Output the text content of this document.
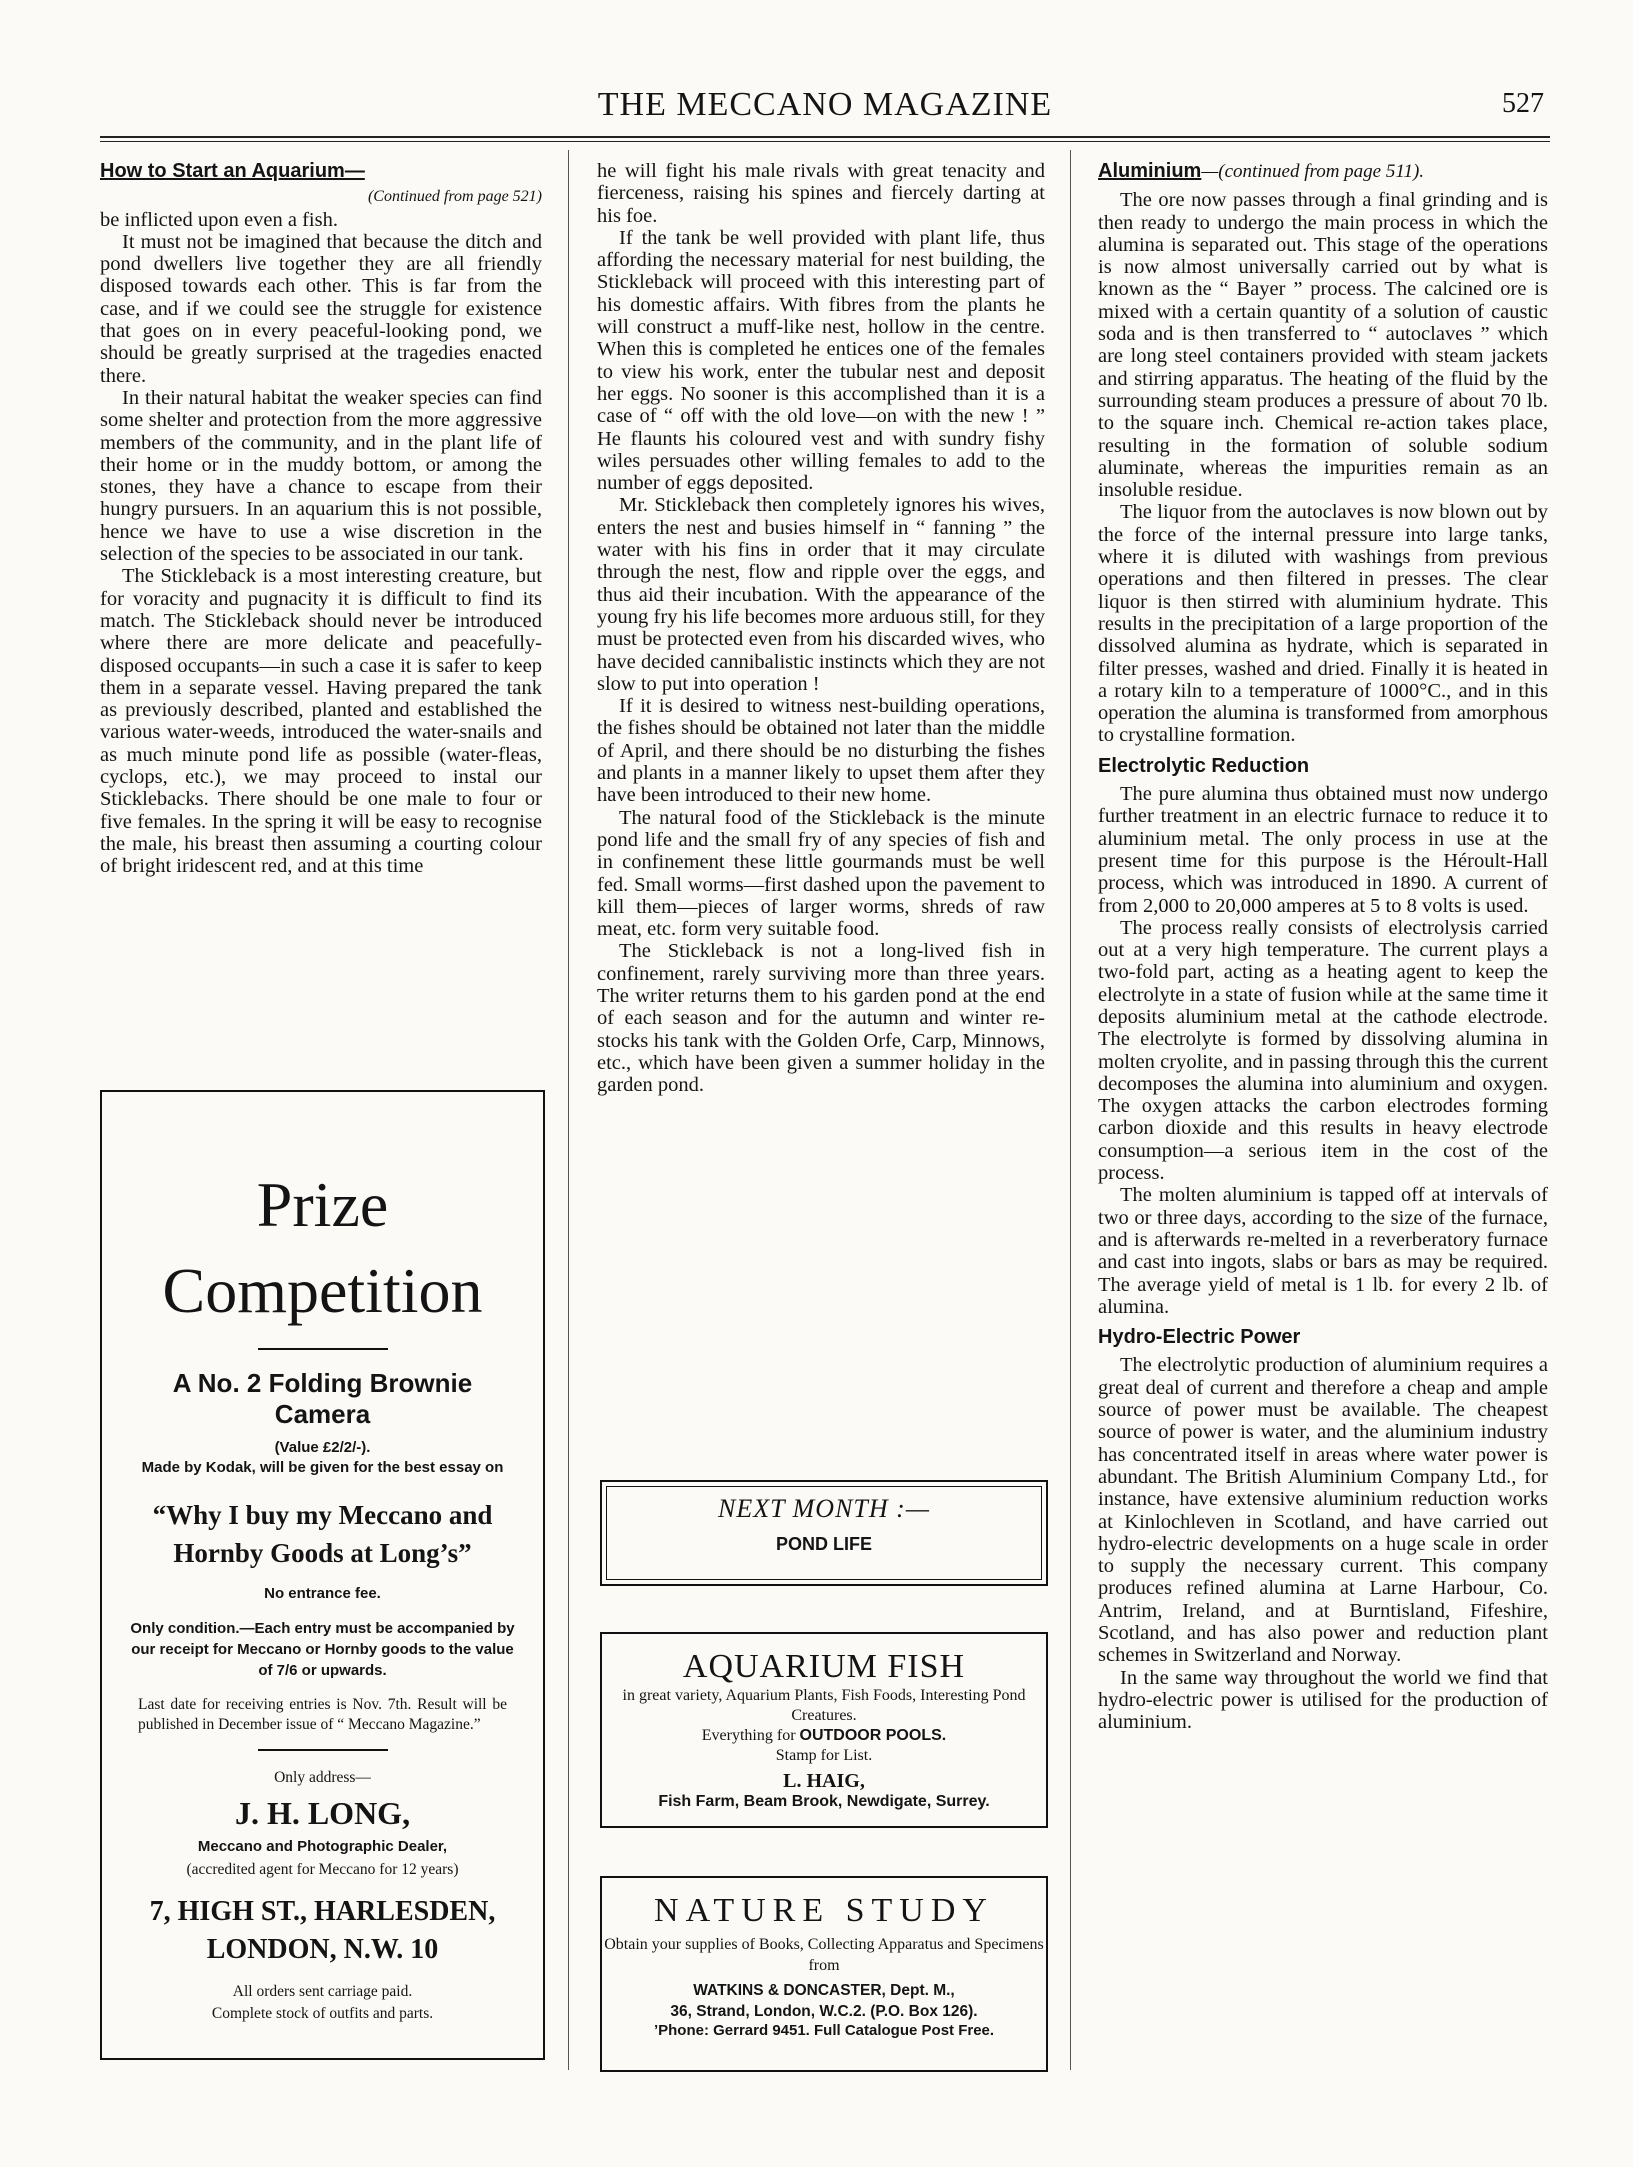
THE MECCANO MAGAZINE	527

How to Start an Aquarium—

(Continued from page 521)

be inflicted upon even a fish.

It must not be imagined that because the ditch and pond dwellers live together they are all friendly disposed towards each other. This is far from the case, and if we could see the struggle for existence that goes on in every peaceful-looking pond, we should be greatly surprised at the tragedies enacted there.

In their natural habitat the weaker species can find some shelter and protection from the more aggressive members of the community, and in the plant life of their home or in the muddy bottom, or among the stones, they have a chance to escape from their hungry pursuers. In an aquarium this is not possible, hence we have to use a wise discretion in the selection of the species to be associated in our tank.

The Stickleback is a most interesting creature, but for voracity and pugnacity it is difficult to find its match. The Stickleback should never be introduced where there are more delicate and peacefully-disposed occupants—in such a case it is safer to keep them in a separate vessel. Having prepared the tank as previously described, planted and established the various water-weeds, introduced the water-snails and as much minute pond life as possible (water-fleas, cyclops, etc.), we may proceed to instal our Sticklebacks. There should be one male to four or five females. In the spring it will be easy to recognise the male, his breast then assuming a courting colour of bright iridescent red, and at this time

Prize
Competition
A No. 2 Folding Brownie Camera
(Value £2/2/-).
Made by Kodak, will be given for the best essay on
“Why I buy my Meccano and Hornby Goods at Long’s”
No entrance fee.
Only condition.—Each entry must be accompanied by our receipt for Meccano or Hornby goods to the value of 7/6 or upwards.
Last date for receiving entries is Nov. 7th. Result will be published in December issue of “ Meccano Magazine.”
Only address—
J. H. LONG,
Meccano and Photographic Dealer,
(accredited agent for Meccano for 12 years)
7, HIGH ST., HARLESDEN,
LONDON, N.W. 10
All orders sent carriage paid.
Complete stock of outfits and parts.

he will fight his male rivals with great tenacity and fierceness, raising his spines and fiercely darting at his foe.

If the tank be well provided with plant life, thus affording the necessary material for nest building, the Stickleback will proceed with this interesting part of his domestic affairs. With fibres from the plants he will construct a muff-like nest, hollow in the centre. When this is completed he entices one of the females to view his work, enter the tubular nest and deposit her eggs. No sooner is this accomplished than it is a case of “ off with the old love—on with the new ! ” He flaunts his coloured vest and with sundry fishy wiles persuades other willing females to add to the number of eggs deposited.

Mr. Stickleback then completely ignores his wives, enters the nest and busies himself in “ fanning ” the water with his fins in order that it may circulate through the nest, flow and ripple over the eggs, and thus aid their incubation. With the appearance of the young fry his life becomes more arduous still, for they must be protected even from his discarded wives, who have decided cannibalistic instincts which they are not slow to put into operation !

If it is desired to witness nest-building operations, the fishes should be obtained not later than the middle of April, and there should be no disturbing the fishes and plants in a manner likely to upset them after they have been introduced to their new home.

The natural food of the Stickleback is the minute pond life and the small fry of any species of fish and in confinement these little gourmands must be well fed. Small worms—first dashed upon the pavement to kill them—pieces of larger worms, shreds of raw meat, etc. form very suitable food.

The Stickleback is not a long-lived fish in confinement, rarely surviving more than three years. The writer returns them to his garden pond at the end of each season and for the autumn and winter re-stocks his tank with the Golden Orfe, Carp, Minnows, etc., which have been given a summer holiday in the garden pond.

NEXT MONTH :—
POND LIFE
AQUARIUM FISH
in great variety, Aquarium Plants, Fish Foods, Interesting Pond Creatures.
Everything for OUTDOOR POOLS.
Stamp for List.
L. HAIG,
Fish Farm, Beam Brook, Newdigate, Surrey.
NATURE STUDY
Obtain your supplies of Books, Collecting Apparatus and Specimens from
WATKINS & DONCASTER, Dept. M.,
36, Strand, London, W.C.2. (P.O. Box 126).
’Phone: Gerrard 9451. Full Catalogue Post Free.

Aluminium—(continued from page 511).

The ore now passes through a final grinding and is then ready to undergo the main process in which the alumina is separated out. This stage of the operations is now almost universally carried out by what is known as the “ Bayer ” process. The calcined ore is mixed with a certain quantity of a solution of caustic soda and is then transferred to “ autoclaves ” which are long steel containers provided with steam jackets and stirring apparatus. The heating of the fluid by the surrounding steam produces a pressure of about 70 lb. to the square inch. Chemical re-action takes place, resulting in the formation of soluble sodium aluminate, whereas the impurities remain as an insoluble residue.

The liquor from the autoclaves is now blown out by the force of the internal pressure into large tanks, where it is diluted with washings from previous operations and then filtered in presses. The clear liquor is then stirred with aluminium hydrate. This results in the precipitation of a large proportion of the dissolved alumina as hydrate, which is separated in filter presses, washed and dried. Finally it is heated in a rotary kiln to a temperature of 1000°C., and in this operation the alumina is transformed from amorphous to crystalline formation.

Electrolytic Reduction

The pure alumina thus obtained must now undergo further treatment in an electric furnace to reduce it to aluminium metal. The only process in use at the present time for this purpose is the Héroult-Hall process, which was introduced in 1890. A current of from 2,000 to 20,000 amperes at 5 to 8 volts is used.

The process really consists of electrolysis carried out at a very high temperature. The current plays a two-fold part, acting as a heating agent to keep the electrolyte in a state of fusion while at the same time it deposits aluminium metal at the cathode electrode. The electrolyte is formed by dissolving alumina in molten cryolite, and in passing through this the current decomposes the alumina into aluminium and oxygen. The oxygen attacks the carbon electrodes forming carbon dioxide and this results in heavy electrode consumption—a serious item in the cost of the process.

The molten aluminium is tapped off at intervals of two or three days, according to the size of the furnace, and is afterwards re-melted in a reverberatory furnace and cast into ingots, slabs or bars as may be required. The average yield of metal is 1 lb. for every 2 lb. of alumina.

Hydro-Electric Power

The electrolytic production of aluminium requires a great deal of current and therefore a cheap and ample source of power must be available. The cheapest source of power is water, and the aluminium industry has concentrated itself in areas where water power is abundant. The British Aluminium Company Ltd., for instance, have extensive aluminium reduction works at Kinlochleven in Scotland, and have carried out hydro-electric developments on a huge scale in order to supply the necessary current. This company produces refined alumina at Larne Harbour, Co. Antrim, Ireland, and at Burntisland, Fifeshire, Scotland, and has also power and reduction plant schemes in Switzerland and Norway.

In the same way throughout the world we find that hydro-electric power is utilised for the production of aluminium.
